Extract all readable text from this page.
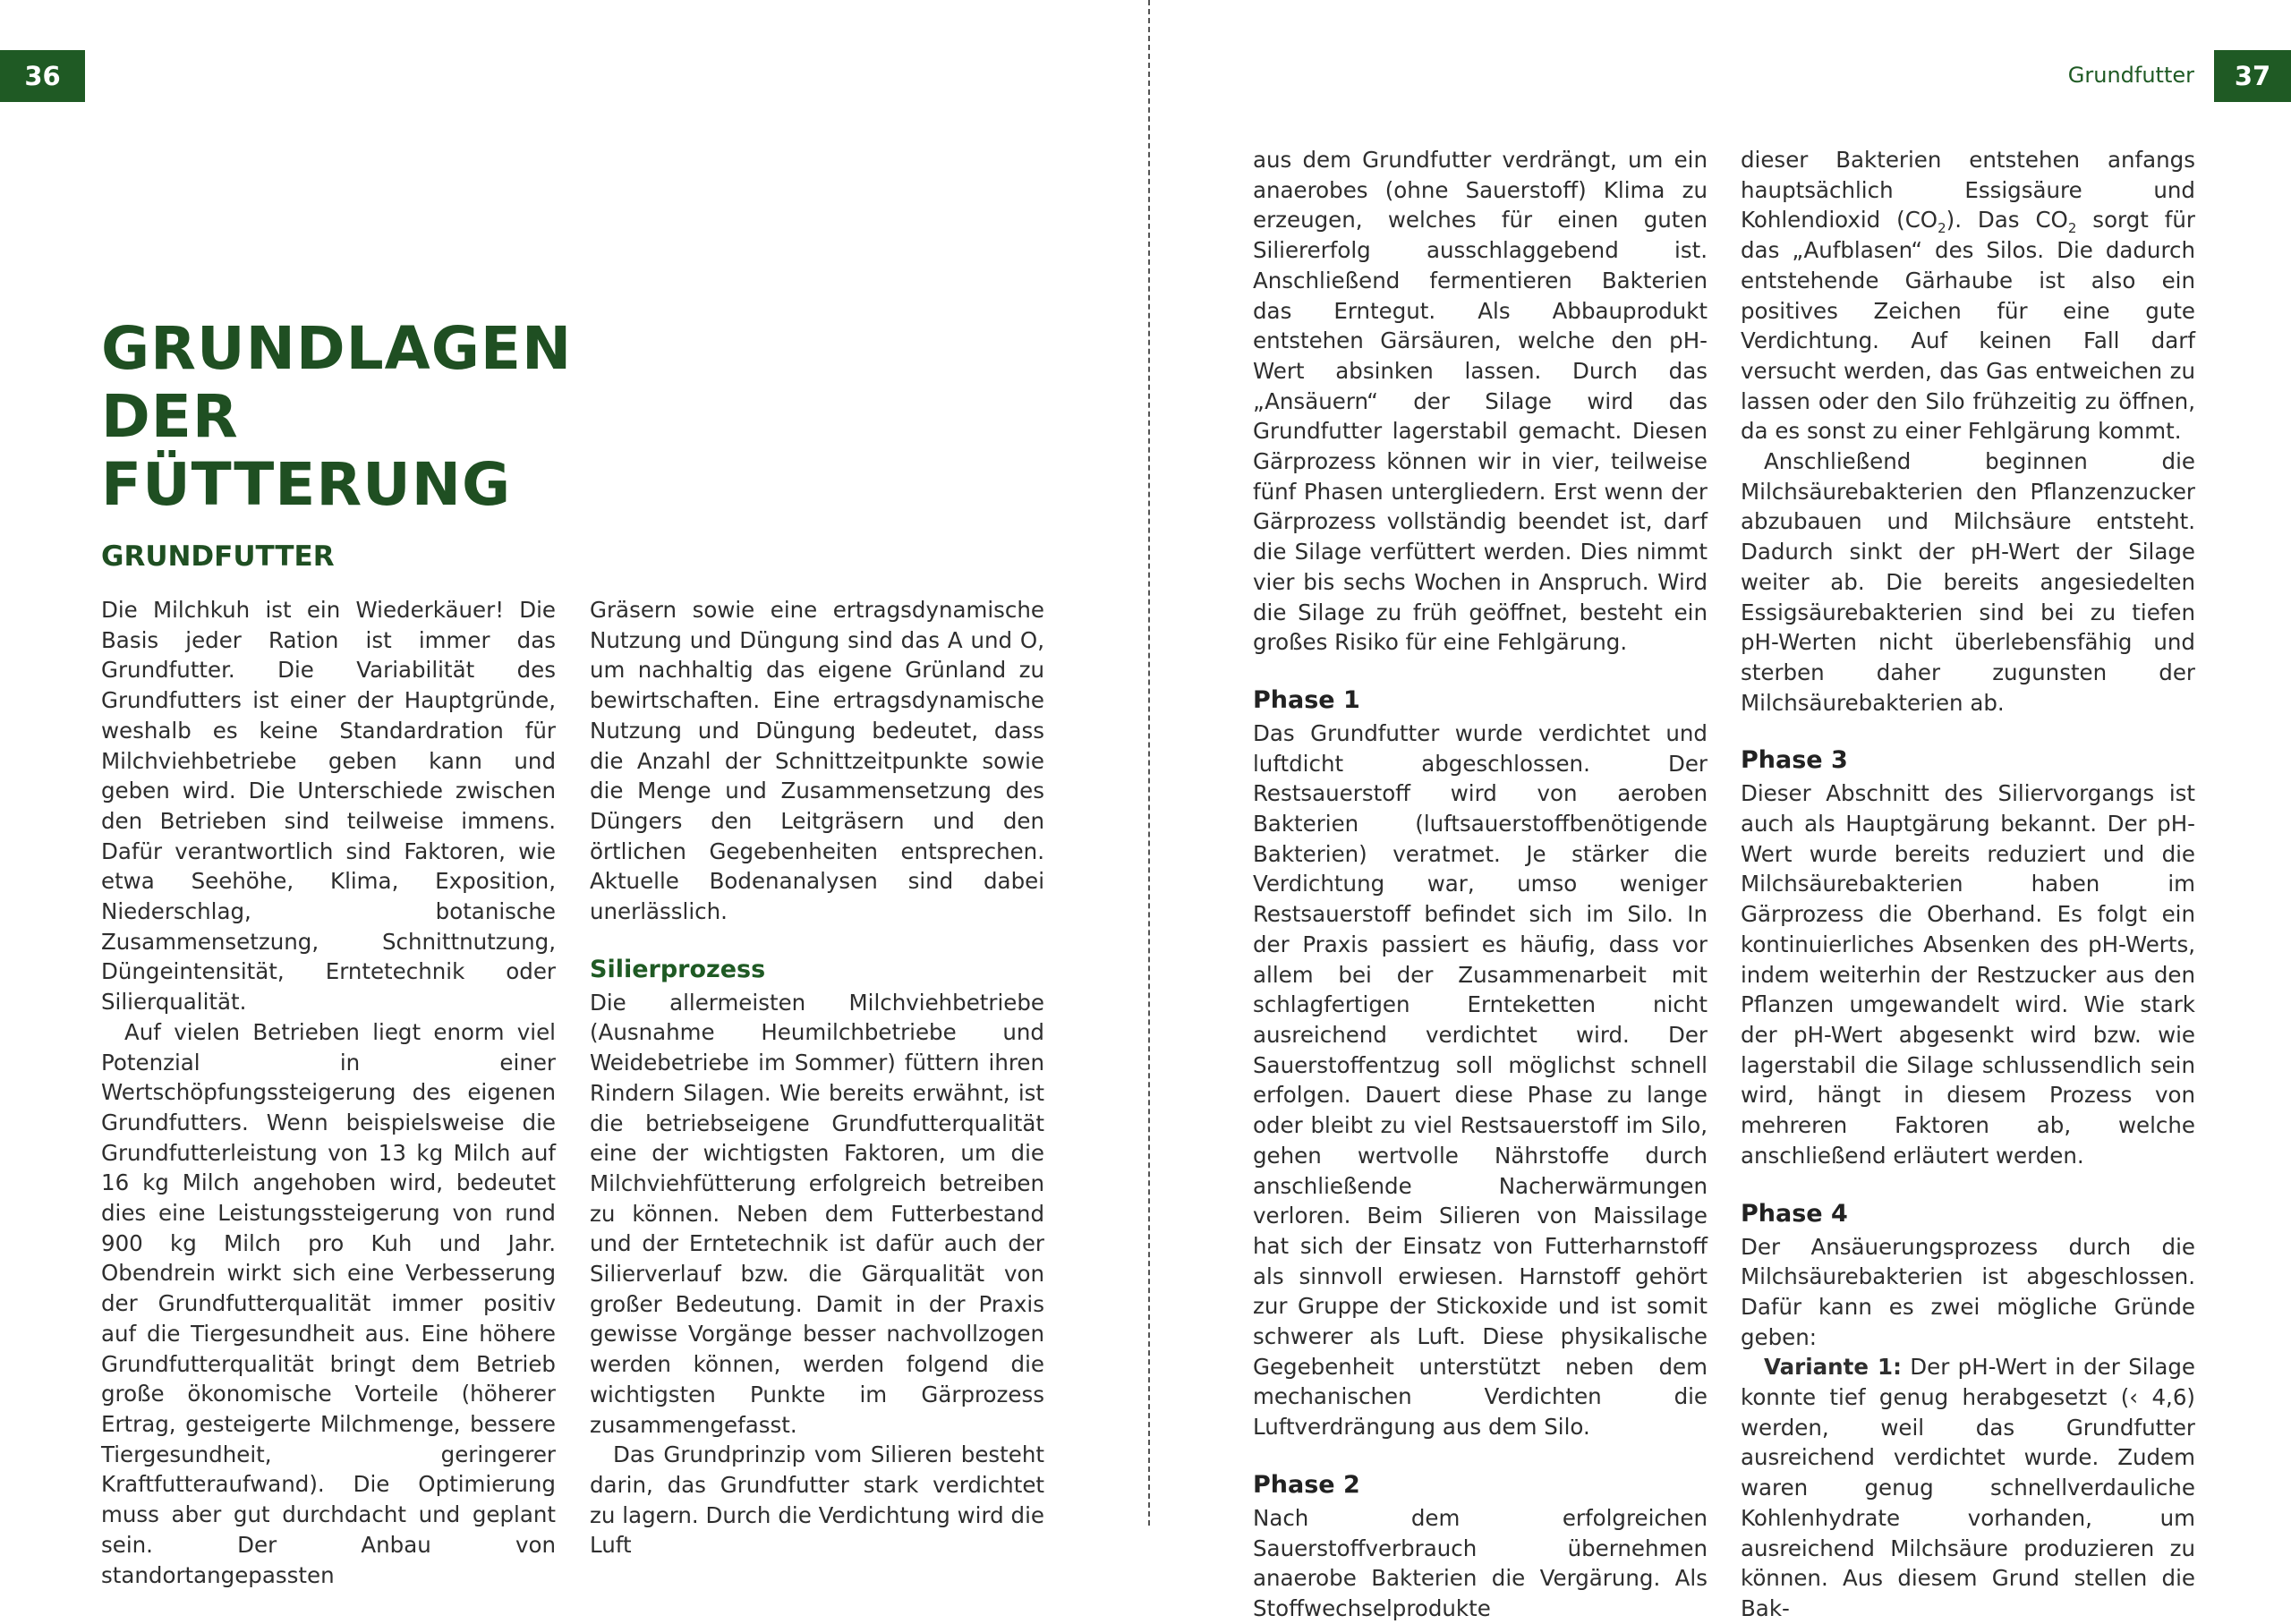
36	Grundfutter	37
GRUNDLAGEN
DER FÜTTERUNG
GRUNDFUTTER

Die Milchkuh ist ein Wiederkäuer! Die Basis jeder Ration ist immer das Grundfutter. Die Variabilität des Grundfutters ist einer der Hauptgründe, weshalb es keine Standardration für Milchviehbetriebe geben kann und geben wird. Die Unterschiede zwischen den Betrieben sind teilweise immens. Dafür verantwortlich sind Faktoren, wie etwa Seehöhe, Klima, Exposition, Niederschlag, botanische Zusammensetzung, Schnittnutzung, Düngeintensität, Erntetechnik oder Silierqualität.

Auf vielen Betrieben liegt enorm viel Potenzial in einer Wertschöpfungssteigerung des eigenen Grundfutters. Wenn beispielsweise die Grundfutterleistung von 13 kg Milch auf 16 kg Milch angehoben wird, bedeutet dies eine Leistungssteigerung von rund 900 kg Milch pro Kuh und Jahr. Obendrein wirkt sich eine Verbesserung der Grundfutterqualität immer positiv auf die Tiergesundheit aus. Eine höhere Grundfutterqualität bringt dem Betrieb große ökonomische Vorteile (höherer Ertrag, gesteigerte Milchmenge, bessere Tiergesundheit, geringerer Kraftfutteraufwand). Die Optimierung muss aber gut durchdacht und geplant sein. Der Anbau von standortangepassten

Gräsern sowie eine ertragsdynamische Nutzung und Düngung sind das A und O, um nachhaltig das eigene Grünland zu bewirtschaften. Eine ertragsdynamische Nutzung und Düngung bedeutet, dass die Anzahl der Schnittzeitpunkte sowie die Menge und Zusammensetzung des Düngers den Leitgräsern und den örtlichen Gegebenheiten entsprechen. Aktuelle Bodenanalysen sind dabei unerlässlich.

Silierprozess

Die allermeisten Milchviehbetriebe (Ausnahme Heumilchbetriebe und Weidebetriebe im Sommer) füttern ihren Rindern Silagen. Wie bereits erwähnt, ist die betriebseigene Grundfutterqualität eine der wichtigsten Faktoren, um die Milchviehfütterung erfolgreich betreiben zu können. Neben dem Futterbestand und der Erntetechnik ist dafür auch der Silierverlauf bzw. die Gärqualität von großer Bedeutung. Damit in der Praxis gewisse Vorgänge besser nachvollzogen werden können, werden folgend die wichtigsten Punkte im Gärprozess zusammengefasst.

Das Grundprinzip vom Silieren besteht darin, das Grundfutter stark verdichtet zu lagern. Durch die Verdichtung wird die Luft

aus dem Grundfutter verdrängt, um ein anaerobes (ohne Sauerstoff) Klima zu erzeugen, welches für einen guten Siliererfolg ausschlaggebend ist. Anschließend fermentieren Bakterien das Erntegut. Als Abbauprodukt entstehen Gärsäuren, welche den pH-Wert absinken lassen. Durch das „Ansäuern“ der Silage wird das Grundfutter lagerstabil gemacht. Diesen Gärprozess können wir in vier, teilweise fünf Phasen untergliedern. Erst wenn der Gärprozess vollständig beendet ist, darf die Silage verfüttert werden. Dies nimmt vier bis sechs Wochen in Anspruch. Wird die Silage zu früh geöffnet, besteht ein großes Risiko für eine Fehlgärung.

Phase 1

Das Grundfutter wurde verdichtet und luftdicht abgeschlossen. Der Restsauerstoff wird von aeroben Bakterien (luftsauerstoffbenötigende Bakterien) veratmet. Je stärker die Verdichtung war, umso weniger Restsauerstoff befindet sich im Silo. In der Praxis passiert es häufig, dass vor allem bei der Zusammenarbeit mit schlagfertigen Ernteketten nicht ausreichend verdichtet wird. Der Sauerstoffentzug soll möglichst schnell erfolgen. Dauert diese Phase zu lange oder bleibt zu viel Restsauerstoff im Silo, gehen wertvolle Nährstoffe durch anschließende Nacherwärmungen verloren. Beim Silieren von Maissilage hat sich der Einsatz von Futterharnstoff als sinnvoll erwiesen. Harnstoff gehört zur Gruppe der Stickoxide und ist somit schwerer als Luft. Diese physikalische Gegebenheit unterstützt neben dem mechanischen Verdichten die Luftverdrängung aus dem Silo.

Phase 2

Nach dem erfolgreichen Sauerstoffverbrauch übernehmen anaerobe Bakterien die Vergärung. Als Stoffwechselprodukte

dieser Bakterien entstehen anfangs hauptsächlich Essigsäure und Kohlendioxid $(CO_2)$. Das $CO_2$ sorgt für das „Aufblasen“ des Silos. Die dadurch entstehende Gärhaube ist also ein positives Zeichen für eine gute Verdichtung. Auf keinen Fall darf versucht werden, das Gas entweichen zu lassen oder den Silo frühzeitig zu öffnen, da es sonst zu einer Fehlgärung kommt.

Anschließend beginnen die Milchsäurebakterien den Pflanzenzucker abzubauen und Milchsäure entsteht. Dadurch sinkt der pH-Wert der Silage weiter ab. Die bereits angesiedelten Essigsäurebakterien sind bei zu tiefen pH-Werten nicht überlebensfähig und sterben daher zugunsten der Milchsäurebakterien ab.

Phase 3

Dieser Abschnitt des Siliervorgangs ist auch als Hauptgärung bekannt. Der pH-Wert wurde bereits reduziert und die Milchsäurebakterien haben im Gärprozess die Oberhand. Es folgt ein kontinuierliches Absenken des pH-Werts, indem weiterhin der Restzucker aus den Pflanzen umgewandelt wird. Wie stark der pH-Wert abgesenkt wird bzw. wie lagerstabil die Silage schlussendlich sein wird, hängt in diesem Prozess von mehreren Faktoren ab, welche anschließend erläutert werden.

Phase 4

Der Ansäuerungsprozess durch die Milchsäurebakterien ist abgeschlossen. Dafür kann es zwei mögliche Gründe geben:

Variante 1: Der pH-Wert in der Silage konnte tief genug herabgesetzt (‹ 4,6) werden, weil das Grundfutter ausreichend verdichtet wurde. Zudem waren genug schnellverdauliche Kohlenhydrate vorhanden, um ausreichend Milchsäure produzieren zu können. Aus diesem Grund stellen die Bak-
